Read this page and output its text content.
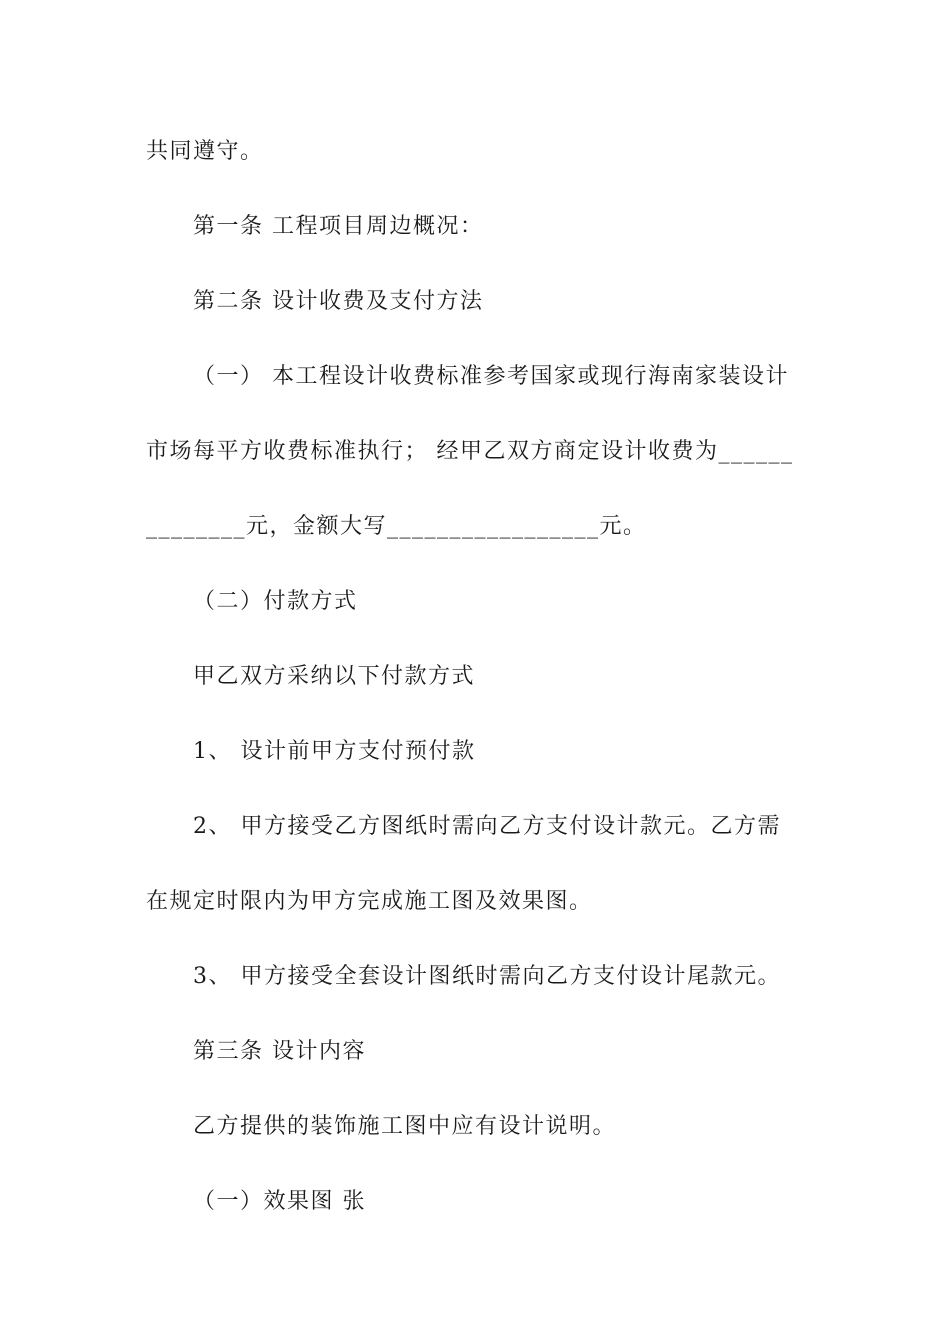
共同遵守。
第一条 工程项目周边概况：
第二条 设计收费及支付方法
（一） 本工程设计收费标准参考国家或现行海南家装设计
市场每平方收费标准执行； 经甲乙双方商定设计收费为______
________元，金额大写_________________元。
（二）付款方式
甲乙双方采纳以下付款方式
1、 设计前甲方支付预付款
2、 甲方接受乙方图纸时需向乙方支付设计款元。乙方需
在规定时限内为甲方完成施工图及效果图。
3、 甲方接受全套设计图纸时需向乙方支付设计尾款元。
第三条 设计内容
乙方提供的装饰施工图中应有设计说明。
（一）效果图 张
